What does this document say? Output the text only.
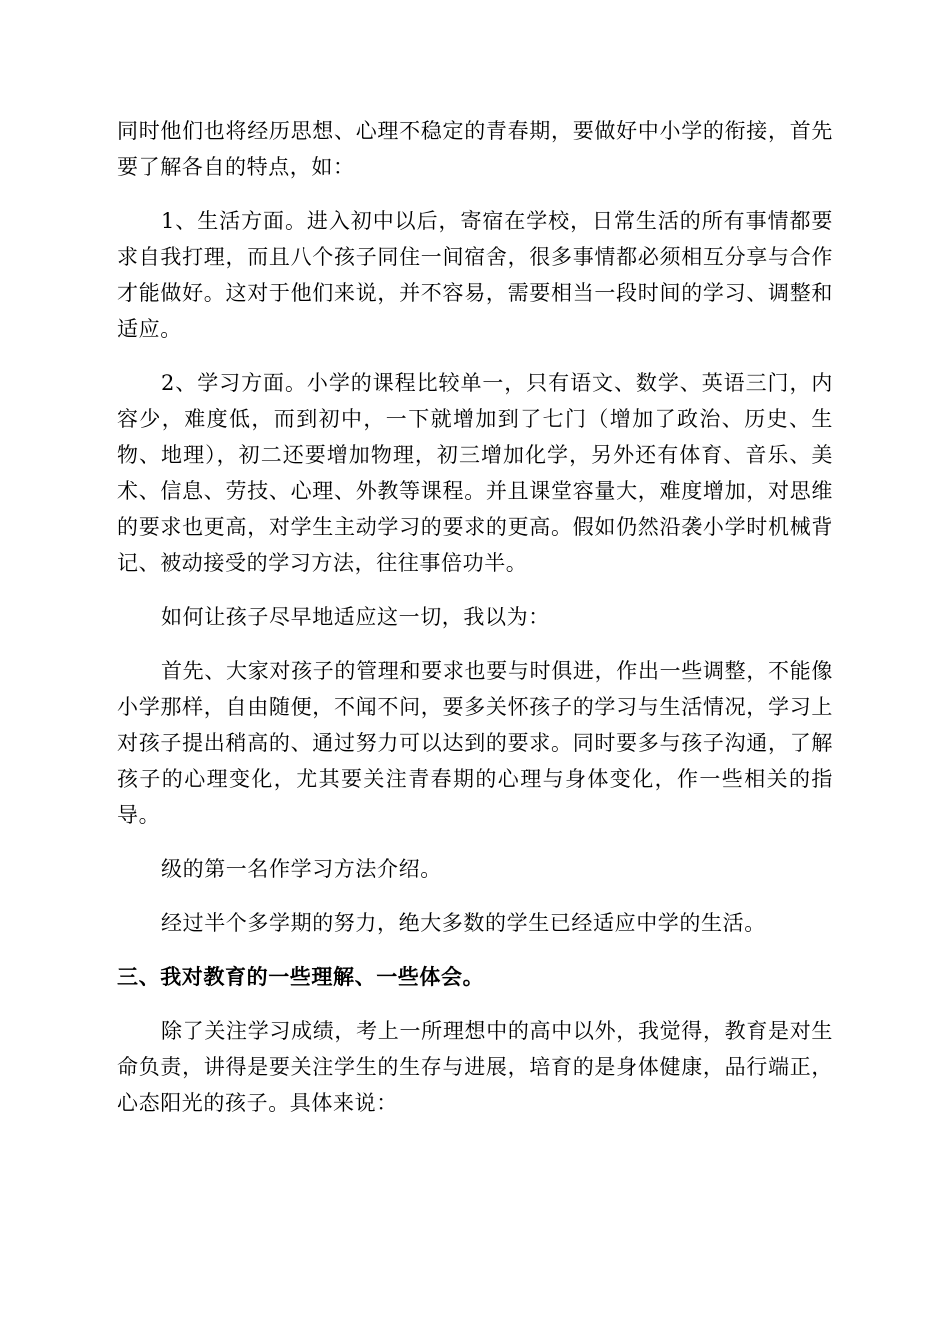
同时他们也将经历思想、心理不稳定的青春期，要做好中小学的衔接，首先要了解各自的特点，如：

1、生活方面。进入初中以后，寄宿在学校，日常生活的所有事情都要求自我打理，而且八个孩子同住一间宿舍，很多事情都必须相互分享与合作才能做好。这对于他们来说，并不容易，需要相当一段时间的学习、调整和适应。

2、学习方面。小学的课程比较单一，只有语文、数学、英语三门，内容少，难度低，而到初中，一下就增加到了七门（增加了政治、历史、生物、地理），初二还要增加物理，初三增加化学，另外还有体育、音乐、美术、信息、劳技、心理、外教等课程。并且课堂容量大，难度增加，对思维的要求也更高，对学生主动学习的要求的更高。假如仍然沿袭小学时机械背记、被动接受的学习方法，往往事倍功半。

如何让孩子尽早地适应这一切，我以为：

首先、大家对孩子的管理和要求也要与时俱进，作出一些调整，不能像小学那样，自由随便，不闻不问，要多关怀孩子的学习与生活情况，学习上对孩子提出稍高的、通过努力可以达到的要求。同时要多与孩子沟通，了解孩子的心理变化，尤其要关注青春期的心理与身体变化，作一些相关的指导。

级的第一名作学习方法介绍。

经过半个多学期的努力，绝大多数的学生已经适应中学的生活。

三、我对教育的一些理解、一些体会。

除了关注学习成绩，考上一所理想中的高中以外，我觉得，教育是对生命负责，讲得是要关注学生的生存与进展，培育的是身体健康，品行端正，心态阳光的孩子。具体来说：
